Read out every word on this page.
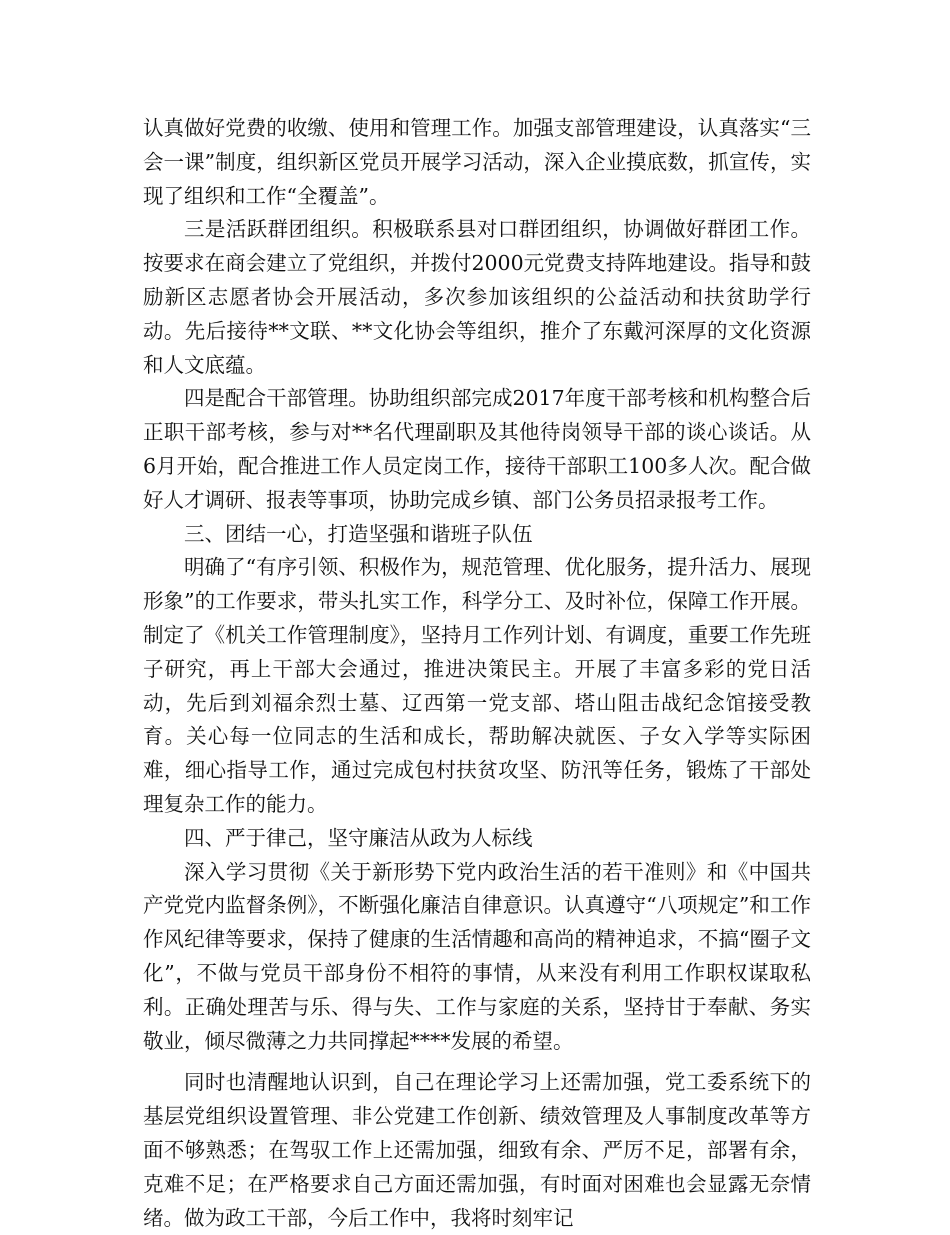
认真做好党费的收缴、使用和管理工作。加强支部管理建设，认真落实“三会一课”制度，组织新区党员开展学习活动，深入企业摸底数，抓宣传，实现了组织和工作“全覆盖”。

三是活跃群团组织。积极联系县对口群团组织，协调做好群团工作。按要求在商会建立了党组织，并拨付2000元党费支持阵地建设。指导和鼓励新区志愿者协会开展活动，多次参加该组织的公益活动和扶贫助学行动。先后接待**文联、**文化协会等组织，推介了东戴河深厚的文化资源和人文底蕴。

四是配合干部管理。协助组织部完成2017年度干部考核和机构整合后正职干部考核，参与对**名代理副职及其他待岗领导干部的谈心谈话。从6月开始，配合推进工作人员定岗工作，接待干部职工100多人次。配合做好人才调研、报表等事项，协助完成乡镇、部门公务员招录报考工作。

三、团结一心，打造坚强和谐班子队伍

明确了“有序引领、积极作为，规范管理、优化服务，提升活力、展现形象”的工作要求，带头扎实工作，科学分工、及时补位，保障工作开展。制定了《机关工作管理制度》，坚持月工作列计划、有调度，重要工作先班子研究，再上干部大会通过，推进决策民主。开展了丰富多彩的党日活动，先后到刘福余烈士墓、辽西第一党支部、塔山阻击战纪念馆接受教育。关心每一位同志的生活和成长，帮助解决就医、子女入学等实际困难，细心指导工作，通过完成包村扶贫攻坚、防汛等任务，锻炼了干部处理复杂工作的能力。

四、严于律己，坚守廉洁从政为人标线

深入学习贯彻《关于新形势下党内政治生活的若干准则》和《中国共产党党内监督条例》，不断强化廉洁自律意识。认真遵守“八项规定”和工作作风纪律等要求，保持了健康的生活情趣和高尚的精神追求，不搞“圈子文化”，不做与党员干部身份不相符的事情，从来没有利用工作职权谋取私利。正确处理苦与乐、得与失、工作与家庭的关系，坚持甘于奉献、务实敬业，倾尽微薄之力共同撑起****发展的希望。

同时也清醒地认识到，自己在理论学习上还需加强，党工委系统下的基层党组织设置管理、非公党建工作创新、绩效管理及人事制度改革等方面不够熟悉；在驾驭工作上还需加强，细致有余、严厉不足，部署有余，克难不足；在严格要求自己方面还需加强，有时面对困难也会显露无奈情绪。做为政工干部，今后工作中，我将时刻牢记
